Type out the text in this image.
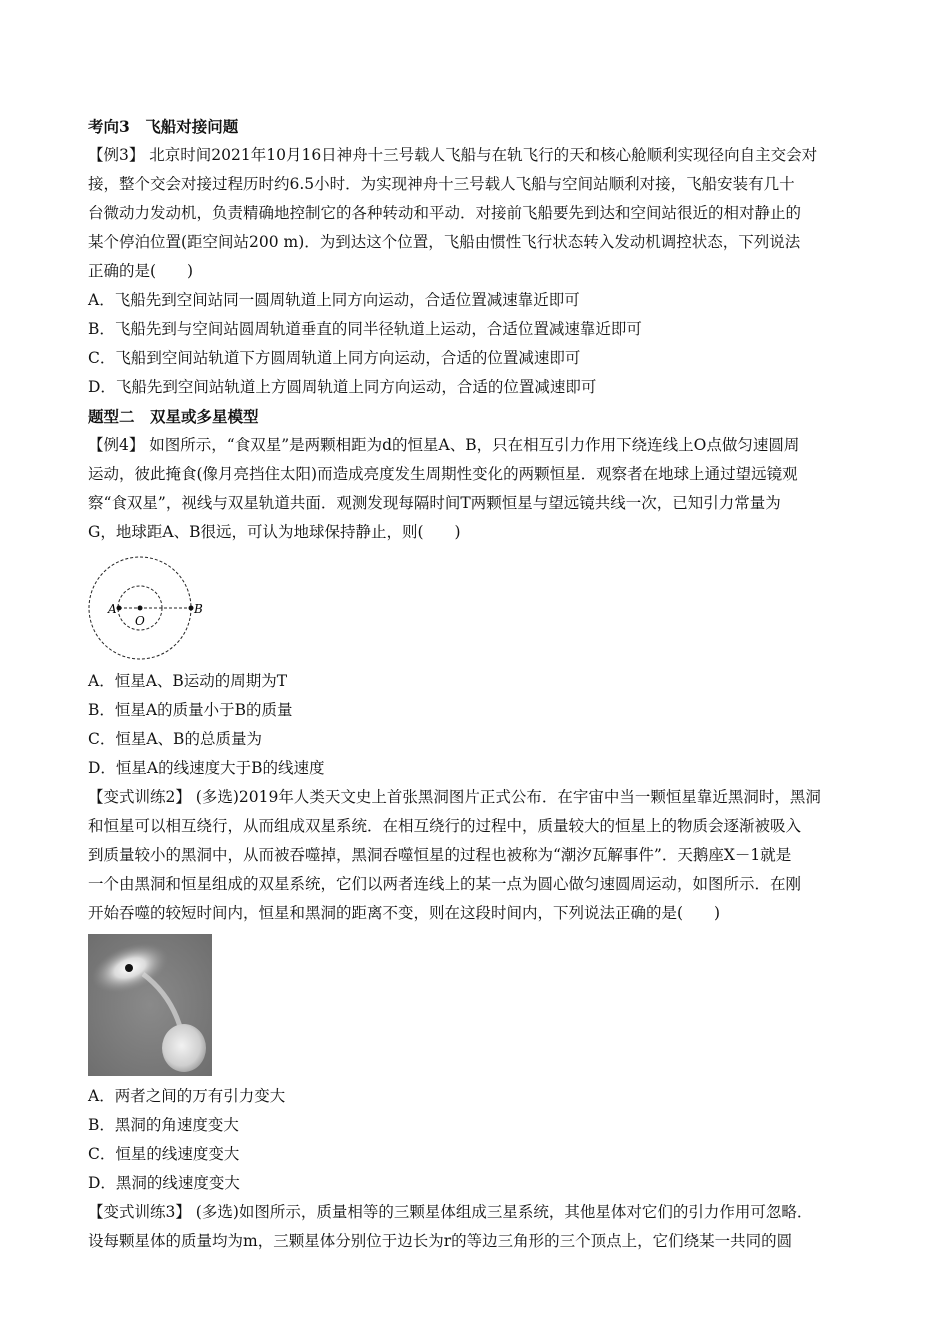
考向3　飞船对接问题
【例3】 北京时间2021年10月16日神舟十三号载人飞船与在轨飞行的天和核心舱顺利实现径向自主交会对
接，整个交会对接过程历时约6.5小时．为实现神舟十三号载人飞船与空间站顺利对接，飞船安装有几十
台微动力发动机，负责精确地控制它的各种转动和平动．对接前飞船要先到达和空间站很近的相对静止的
某个停泊位置(距空间站200 m)．为到达这个位置，飞船由惯性飞行状态转入发动机调控状态，下列说法
正确的是(　　)
A．飞船先到空间站同一圆周轨道上同方向运动，合适位置减速靠近即可
B．飞船先到与空间站圆周轨道垂直的同半径轨道上运动，合适位置减速靠近即可
C．飞船到空间站轨道下方圆周轨道上同方向运动，合适的位置减速即可
D．飞船先到空间站轨道上方圆周轨道上同方向运动，合适的位置减速即可
题型二　双星或多星模型
【例4】 如图所示，“食双星”是两颗相距为d的恒星A、B，只在相互引力作用下绕连线上O点做匀速圆周
运动，彼此掩食(像月亮挡住太阳)而造成亮度发生周期性变化的两颗恒星．观察者在地球上通过望远镜观
察“食双星”，视线与双星轨道共面．观测发现每隔时间T两颗恒星与望远镜共线一次，已知引力常量为
G，地球距A、B很远，可认为地球保持静止，则(　　)
A
O
B
A．恒星A、B运动的周期为T
B．恒星A的质量小于B的质量
C．恒星A、B的总质量为
D．恒星A的线速度大于B的线速度
【变式训练2】 (多选)2019年人类天文史上首张黑洞图片正式公布．在宇宙中当一颗恒星靠近黑洞时，黑洞
和恒星可以相互绕行，从而组成双星系统．在相互绕行的过程中，质量较大的恒星上的物质会逐渐被吸入
到质量较小的黑洞中，从而被吞噬掉，黑洞吞噬恒星的过程也被称为“潮汐瓦解事件”．天鹅座X－1就是
一个由黑洞和恒星组成的双星系统，它们以两者连线上的某一点为圆心做匀速圆周运动，如图所示．在刚
开始吞噬的较短时间内，恒星和黑洞的距离不变，则在这段时间内，下列说法正确的是(　　)
A．两者之间的万有引力变大
B．黑洞的角速度变大
C．恒星的线速度变大
D．黑洞的线速度变大
【变式训练3】 (多选)如图所示，质量相等的三颗星体组成三星系统，其他星体对它们的引力作用可忽略．
设每颗星体的质量均为m，三颗星体分别位于边长为r的等边三角形的三个顶点上，它们绕某一共同的圆
